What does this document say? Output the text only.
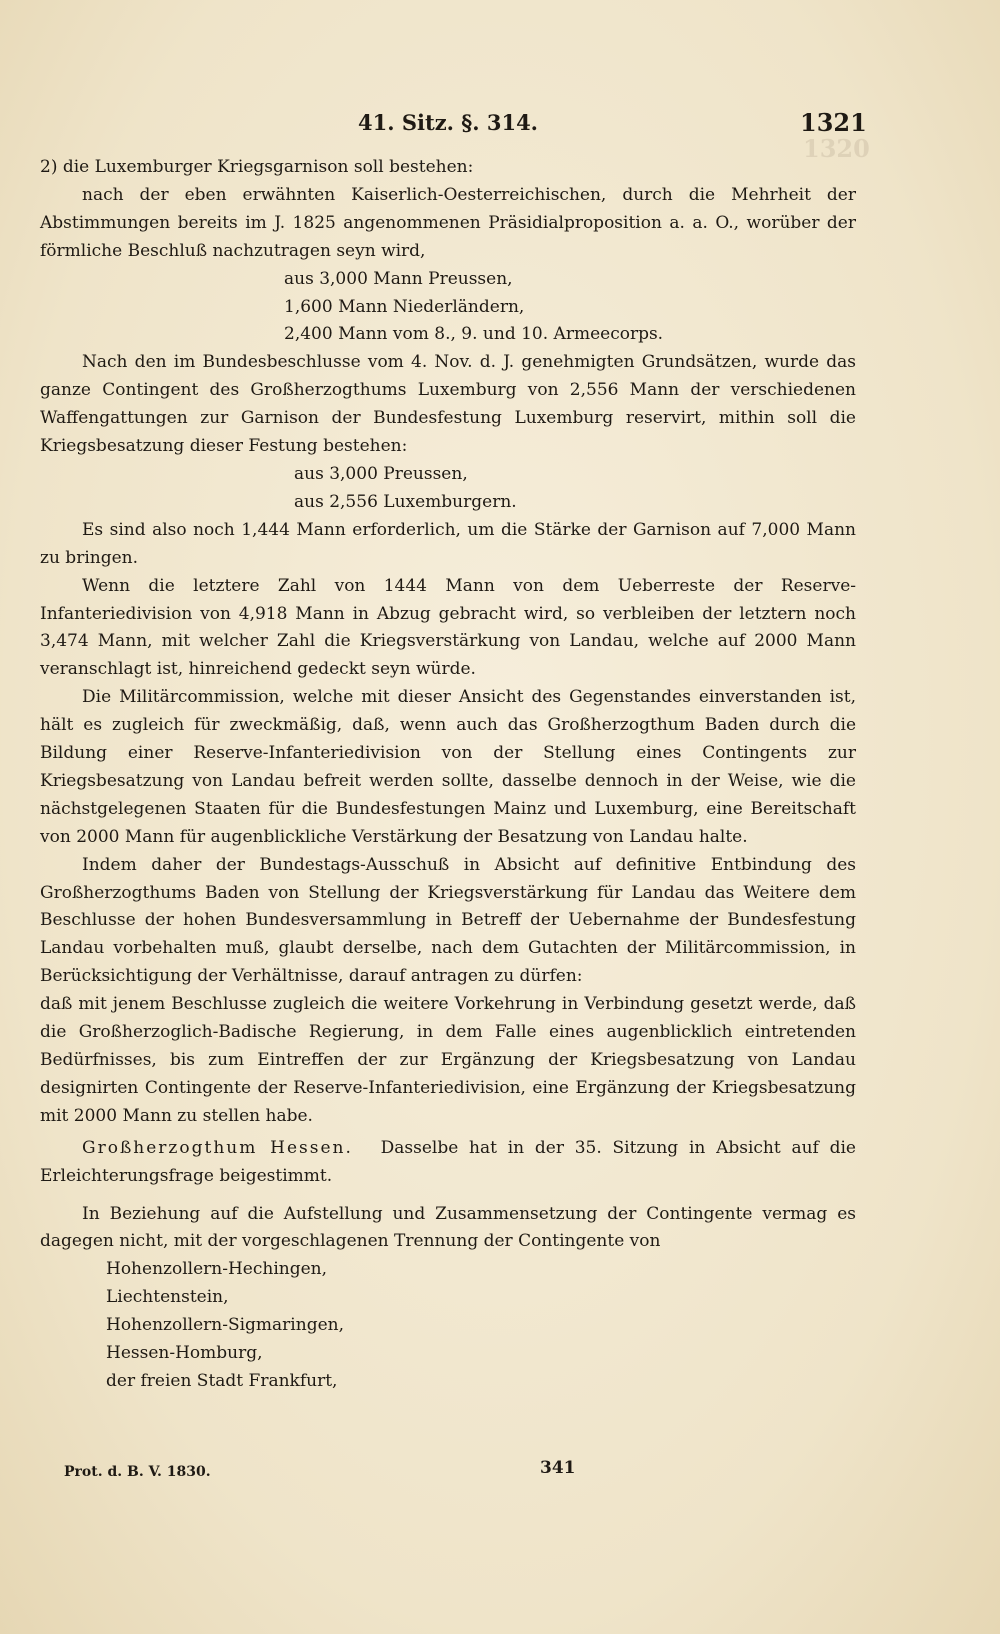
1320
41. Sitz. §. 314.	1321

2) die Luxemburger Kriegsgarnison soll bestehen:

nach der eben erwähnten Kaiserlich-Oesterreichischen, durch die Mehrheit der Abstimmungen bereits im J. 1825 angenommenen Präsidialproposition a. a. O., worüber der förmliche Beschluß nachzutragen seyn wird,

aus 3,000 Mann Preussen,
1,600 Mann Niederländern,
2,400 Mann vom 8., 9. und 10. Armeecorps.

Nach den im Bundesbeschlusse vom 4. Nov. d. J. genehmigten Grundsätzen, wurde das ganze Contingent des Großherzogthums Luxemburg von 2,556 Mann der verschiedenen Waffengattungen zur Garnison der Bundesfestung Luxemburg reservirt, mithin soll die Kriegsbesatzung dieser Festung bestehen:

aus 3,000 Preussen,
aus 2,556 Luxemburgern.

Es sind also noch 1,444 Mann erforderlich, um die Stärke der Garnison auf 7,000 Mann zu bringen.

Wenn die letztere Zahl von 1444 Mann von dem Ueberreste der Reserve-Infanteriedivision von 4,918 Mann in Abzug gebracht wird, so verbleiben der letztern noch 3,474 Mann, mit welcher Zahl die Kriegsverstärkung von Landau, welche auf 2000 Mann veranschlagt ist, hinreichend gedeckt seyn würde.

Die Militärcommission, welche mit dieser Ansicht des Gegenstandes einverstanden ist, hält es zugleich für zweckmäßig, daß, wenn auch das Großherzogthum Baden durch die Bildung einer Reserve-Infanteriedivision von der Stellung eines Contingents zur Kriegsbesatzung von Landau befreit werden sollte, dasselbe dennoch in der Weise, wie die nächstgelegenen Staaten für die Bundesfestungen Mainz und Luxemburg, eine Bereitschaft von 2000 Mann für augenblickliche Verstärkung der Besatzung von Landau halte.

Indem daher der Bundestags-Ausschuß in Absicht auf definitive Entbindung des Großherzogthums Baden von Stellung der Kriegsverstärkung für Landau das Weitere dem Beschlusse der hohen Bundesversammlung in Betreff der Uebernahme der Bundesfestung Landau vorbehalten muß, glaubt derselbe, nach dem Gutachten der Militärcommission, in Berücksichtigung der Verhältnisse, darauf antragen zu dürfen:

daß mit jenem Beschlusse zugleich die weitere Vorkehrung in Verbindung gesetzt werde, daß die Großherzoglich-Badische Regierung, in dem Falle eines augenblicklich eintretenden Bedürfnisses, bis zum Eintreffen der zur Ergänzung der Kriegsbesatzung von Landau designirten Contingente der Reserve-Infanteriedivision, eine Ergänzung der Kriegsbesatzung mit 2000 Mann zu stellen habe.

Großherzogthum Hessen.  Dasselbe hat in der 35. Sitzung in Absicht auf die Erleichterungsfrage beigestimmt.

In Beziehung auf die Aufstellung und Zusammensetzung der Contingente vermag es dagegen nicht, mit der vorgeschlagenen Trennung der Contingente von

Hohenzollern-Hechingen,
Liechtenstein,
Hohenzollern-Sigmaringen,
Hessen-Homburg,
der freien Stadt Frankfurt,
Prot. d. B. V. 1830.	341
